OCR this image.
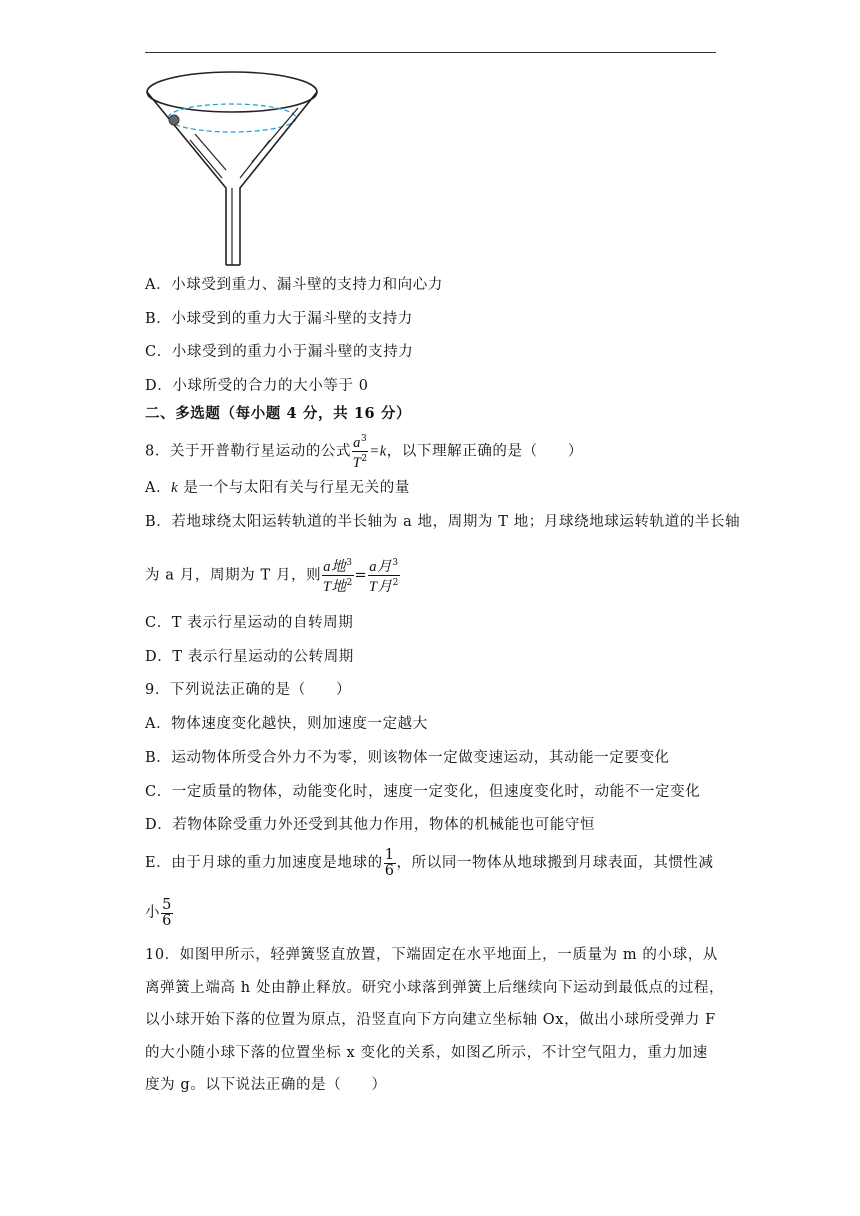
A．小球受到重力、漏斗壁的支持力和向心力
B．小球受到的重力大于漏斗壁的支持力
C．小球受到的重力小于漏斗壁的支持力
D．小球所受的合力的大小等于 0
二、多选题（每小题 4 分，共 16 分）
8．关于开普勒行星运动的公式 $\frac{a^3}{T^2} =k$，以下理解正确的是（　　）
A．k 是一个与太阳有关与行星无关的量
B．若地球绕太阳运转轨道的半长轴为 a 地，周期为 T 地；月球绕地球运转轨道的半长轴
为 a 月，周期为 T 月，则 $\frac{a地^3}{T地^2} = \frac{a月^3}{T月^2}$
C．T 表示行星运动的自转周期
D．T 表示行星运动的公转周期
9．下列说法正确的是（　　）
A．物体速度变化越快，则加速度一定越大
B．运动物体所受合外力不为零，则该物体一定做变速运动，其动能一定要变化
C．一定质量的物体，动能变化时，速度一定变化，但速度变化时，动能不一定变化
D．若物体除受重力外还受到其他力作用，物体的机械能也可能守恒
E．由于月球的重力加速度是地球的 $\frac{1}{6}$ ，所以同一物体从地球搬到月球表面，其惯性减
小 $\frac{5}{6}$
10．如图甲所示，轻弹簧竖直放置，下端固定在水平地面上，一质量为 m 的小球，从
离弹簧上端高 h 处由静止释放。研究小球落到弹簧上后继续向下运动到最低点的过程，
以小球开始下落的位置为原点，沿竖直向下方向建立坐标轴 Ox，做出小球所受弹力 F
的大小随小球下落的位置坐标 x 变化的关系，如图乙所示，不计空气阻力，重力加速
度为 g。以下说法正确的是（　　）
